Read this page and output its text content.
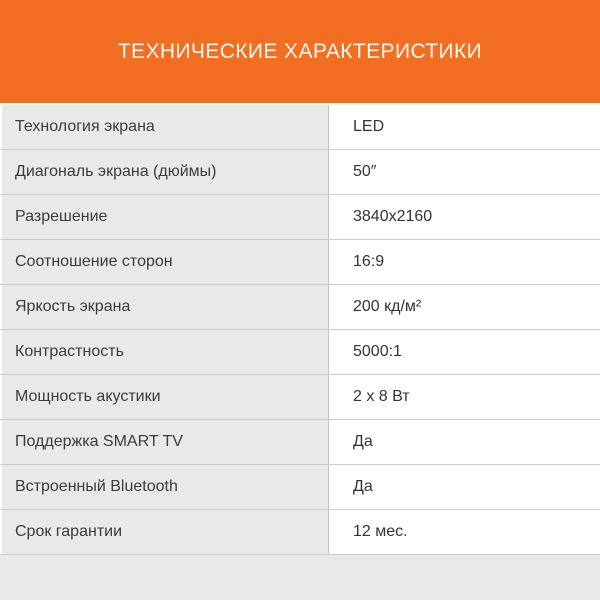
ТЕХНИЧЕСКИЕ ХАРАКТЕРИСТИКИ
Технология экрана	LED
Диагональ экрана (дюймы)	50″
Разрешение	3840x2160
Соотношение сторон	16:9
Яркость экрана	200 кд/м²
Контрастность	5000:1
Мощность акустики	2 x 8 Вт
Поддержка SMART TV	Да
Встроенный Bluetooth	Да
Срок гарантии	12 мес.
